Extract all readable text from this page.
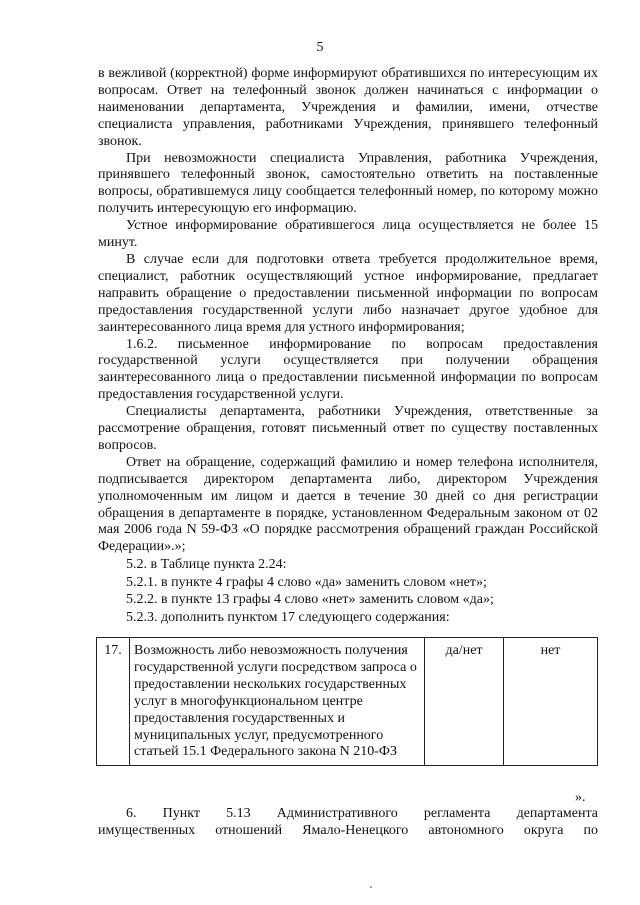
5

в вежливой (корректной) форме информируют обратившихся по интересующим их вопросам. Ответ на телефонный звонок должен начинаться с информации о наименовании департамента, Учреждения и фамилии, имени, отчестве специалиста управления, работниками Учреждения, принявшего телефонный звонок.

При невозможности специалиста Управления, работника Учреждения, принявшего телефонный звонок, самостоятельно ответить на поставленные вопросы, обратившемуся лицу сообщается телефонный номер, по которому можно получить интересующую его информацию.

Устное информирование обратившегося лица осуществляется не более 15 минут.

В случае если для подготовки ответа требуется продолжительное время, специалист, работник осуществляющий устное информирование, предлагает направить обращение о предоставлении письменной информации по вопросам предоставления государственной услуги либо назначает другое удобное для заинтересованного лица время для устного информирования;

1.6.2. письменное информирование по вопросам предоставления государственной услуги осуществляется при получении обращения заинтересованного лица о предоставлении письменной информации по вопросам предоставления государственной услуги.

Специалисты департамента, работники Учреждения, ответственные за рассмотрение обращения, готовят письменный ответ по существу поставленных вопросов.

Ответ на обращение, содержащий фамилию и номер телефона исполнителя, подписывается директором департамента либо, директором Учреждения уполномоченным им лицом и дается в течение 30 дней со дня регистрации обращения в департаменте в порядке, установленном Федеральным законом от 02 мая 2006 года N 59-ФЗ «О порядке рассмотрения обращений граждан Российской Федерации».»;

5.2. в Таблице пункта 2.24:

5.2.1. в пункте 4 графы 4 слово «да» заменить словом «нет»;

5.2.2. в пункте 13 графы 4 слово «нет» заменить словом «да»;

5.2.3. дополнить пунктом 17 следующего содержания:

17.	Возможность либо невозможность получения государственной услуги посредством запроса о предоставлении нескольких государственных услуг в многофункциональном центре предоставления государственных и муниципальных услуг, предусмотренного статьей 15.1 Федерального закона N 210-ФЗ	да/нет	нет
».
6. Пункт 5.13 Административного регламента департамента
имущественных отношений Ямало-Ненецкого автономного округа по
